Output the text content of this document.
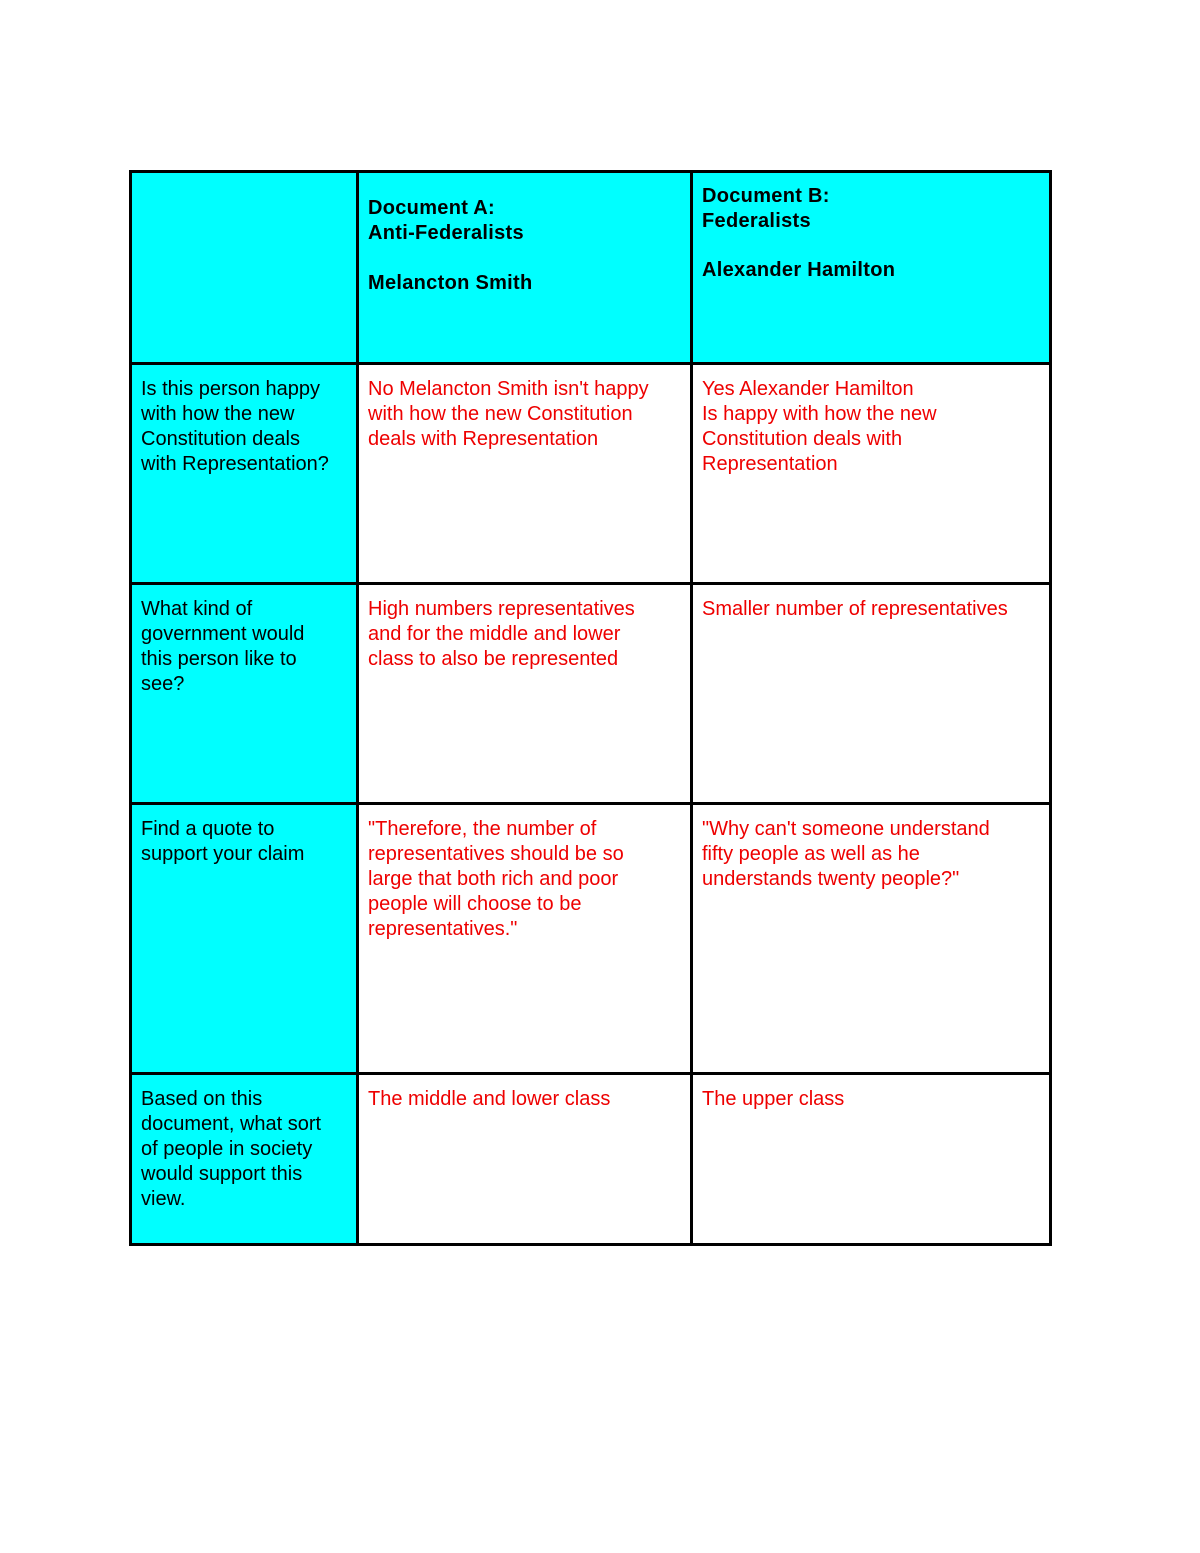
	Document A:
Anti-Federalists
Melancton Smith	Document B:
Federalists
Alexander Hamilton

Is this person happy
with how the new
Constitution deals
with Representation?	No Melancton Smith isn't happy
with how the new Constitution
deals with Representation	Yes Alexander Hamilton
Is happy with how the new
Constitution deals with
Representation

What kind of
government would
this person like to
see?	High numbers representatives
and for the middle and lower
class to also be represented	Smaller number of representatives

Find a quote to
support your claim	"Therefore, the number of
representatives should be so
large that both rich and poor
people will choose to be
representatives."	"Why can't someone understand
fifty people as well as he
understands twenty people?"

Based on this
document, what sort
of people in society
would support this
view.	The middle and lower class	The upper class
